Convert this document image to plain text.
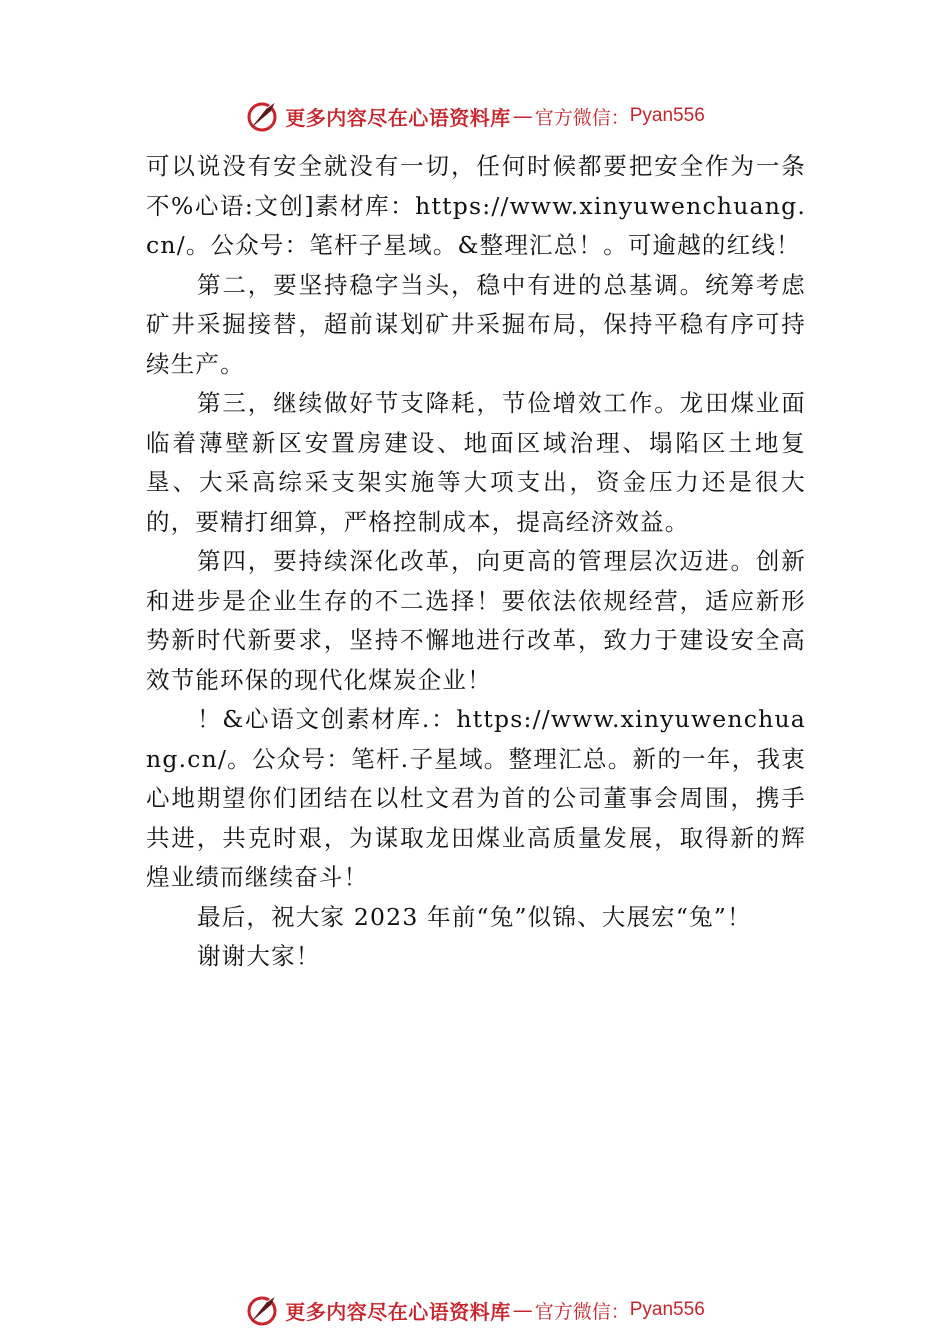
更多内容尽在心语资料库 — 官方微信： Pyan556

可以说没有安全就没有一切，任何时候都要把安全作为一条不%心语:文创]素材库：https://www.xinyuwenchuang.cn/。公众号：笔杆子星域。&整理汇总！。可逾越的红线！

第二，要坚持稳字当头，稳中有进的总基调。统筹考虑矿井采掘接替，超前谋划矿井采掘布局，保持平稳有序可持续生产。

第三，继续做好节支降耗，节俭增效工作。龙田煤业面临着薄壁新区安置房建设、地面区域治理、塌陷区土地复垦、大采高综采支架实施等大项支出，资金压力还是很大的，要精打细算，严格控制成本，提高经济效益。

第四，要持续深化改革，向更高的管理层次迈进。创新和进步是企业生存的不二选择！要依法依规经营，适应新形势新时代新要求，坚持不懈地进行改革，致力于建设安全高效节能环保的现代化煤炭企业！

！&心语文创素材库.：https://www.xinyuwenchuang.cn/。公众号：笔杆.子星域。整理汇总。新的一年，我衷心地期望你们团结在以杜文君为首的公司董事会周围，携手共进，共克时艰，为谋取龙田煤业高质量发展，取得新的辉煌业绩而继续奋斗！

最后，祝大家 2023 年前“兔”似锦、大展宏“兔”！

谢谢大家！

更多内容尽在心语资料库 — 官方微信： Pyan556
